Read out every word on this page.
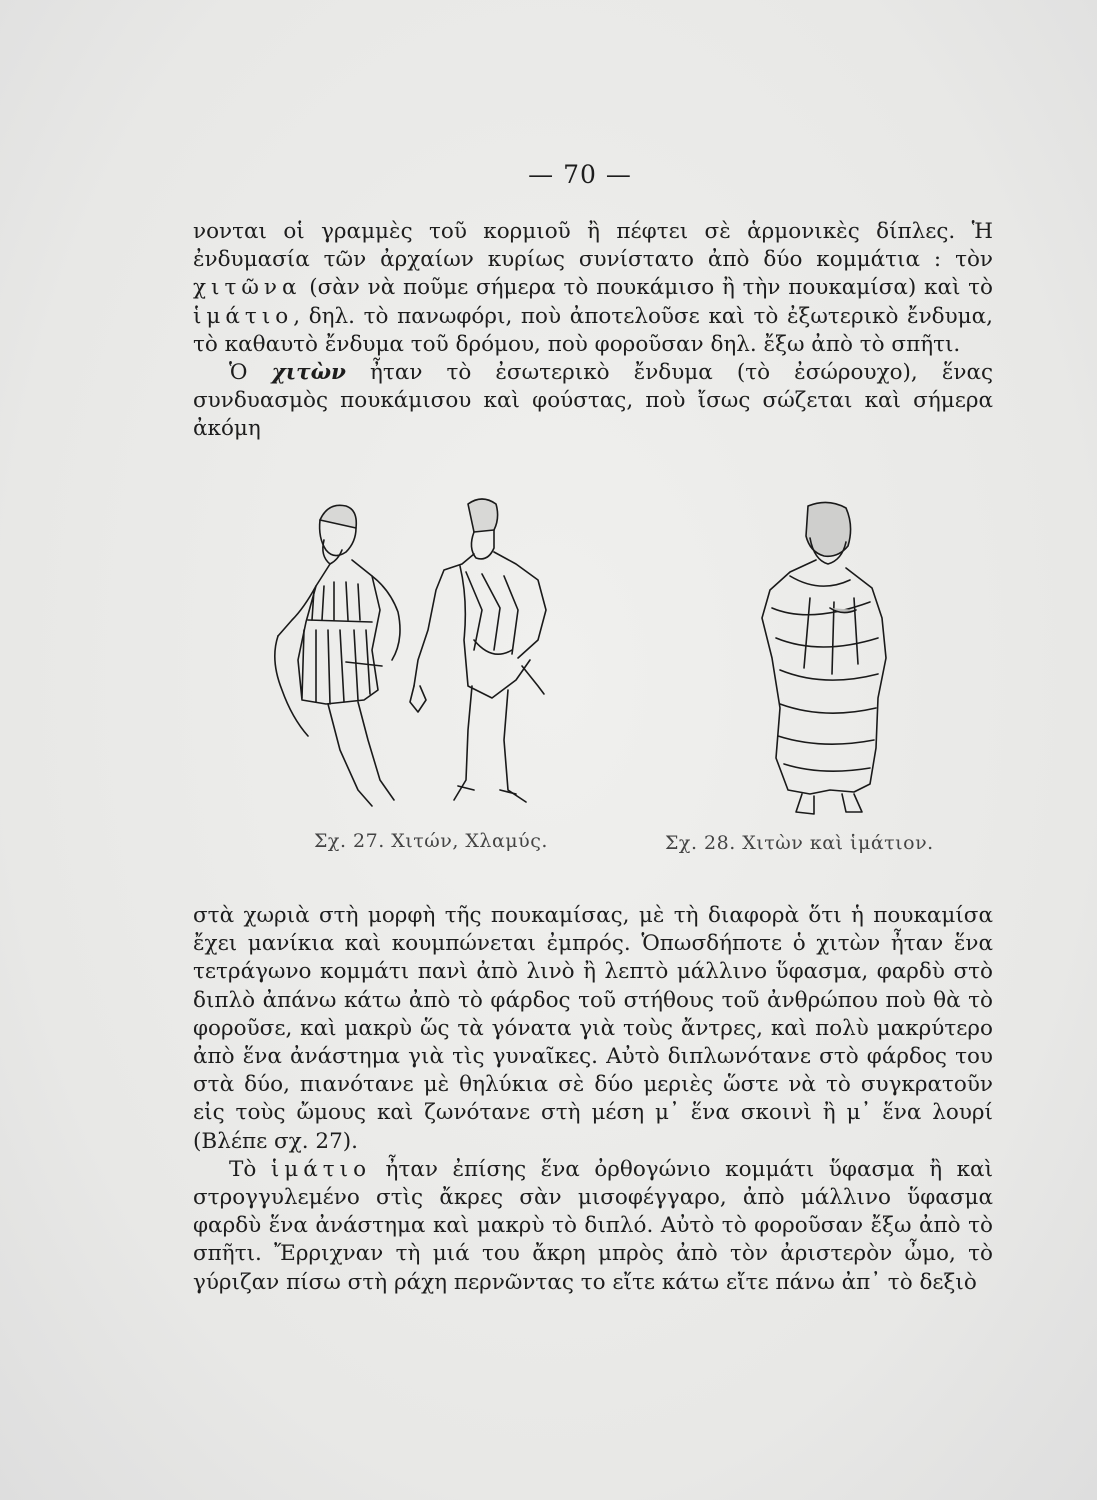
— 70 —

νονται οἱ γραμμὲς τοῦ κορμιοῦ ἢ πέφτει σὲ ἁρμονικὲς δίπλες. Ἡ ἐνδυμασία τῶν ἀρχαίων κυρίως συνίστατο ἀπὸ δύο κομμάτια : τὸν χιτῶνα (σὰν νὰ ποῦμε σήμερα τὸ πουκάμισο ἢ τὴν πουκαμίσα) καὶ τὸ ἱμάτιο, δηλ. τὸ πανωφόρι, ποὺ ἀποτελοῦσε καὶ τὸ ἐξωτερικὸ ἔνδυμα, τὸ καθαυτὸ ἔνδυμα τοῦ δρόμου, ποὺ φοροῦσαν δηλ. ἔξω ἀπὸ τὸ σπῆτι.

Ὁ χιτὼν ἦταν τὸ ἐσωτερικὸ ἔνδυμα (τὸ ἐσώρουχο), ἕνας συνδυασμὸς πουκάμισου καὶ φούστας, ποὺ ἴσως σώζεται καὶ σήμερα ἀκόμη

Σχ. 27. Χιτών, Χλαμύς.	Σχ. 28. Χιτὼν καὶ ἱμάτιον.

στὰ χωριὰ στὴ μορφὴ τῆς πουκαμίσας, μὲ τὴ διαφορὰ ὅτι ἡ πουκαμίσα ἔχει μανίκια καὶ κουμπώνεται ἐμπρός. Ὁπωσδήποτε ὁ χιτὼν ἦταν ἕνα τετράγωνο κομμάτι πανὶ ἀπὸ λινὸ ἢ λεπτὸ μάλλινο ὕφασμα, φαρδὺ στὸ διπλὸ ἀπάνω κάτω ἀπὸ τὸ φάρδος τοῦ στήθους τοῦ ἀνθρώπου ποὺ θὰ τὸ φοροῦσε, καὶ μακρὺ ὥς τὰ γόνατα γιὰ τοὺς ἄντρες, καὶ πολὺ μακρύτερο ἀπὸ ἕνα ἀνάστημα γιὰ τὶς γυναῖκες. Αὐτὸ διπλωνότανε στὸ φάρδος του στὰ δύο, πιανότανε μὲ θηλύκια σὲ δύο μεριὲς ὥστε νὰ τὸ συγκρατοῦν εἰς τοὺς ὤμους καὶ ζωνότανε στὴ μέση μ᾽ ἕνα σκοινὶ ἢ μ᾽ ἕνα λουρί (Βλέπε σχ. 27).

Τὸ ἱμάτιο ἦταν ἐπίσης ἕνα ὀρθογώνιο κομμάτι ὕφασμα ἢ καὶ στρογγυλεμένο στὶς ἄκρες σὰν μισοφέγγαρο, ἀπὸ μάλλινο ὕφασμα φαρδὺ ἕνα ἀνάστημα καὶ μακρὺ τὸ διπλό. Αὐτὸ τὸ φοροῦσαν ἔξω ἀπὸ τὸ σπῆτι. Ἔρριχναν τὴ μιά του ἄκρη μπρὸς ἀπὸ τὸν ἀριστερὸν ὦμο, τὸ γύριζαν πίσω στὴ ράχη περνῶντας το εἴτε κάτω εἴτε πάνω ἀπ᾽ τὸ δεξιὸ
